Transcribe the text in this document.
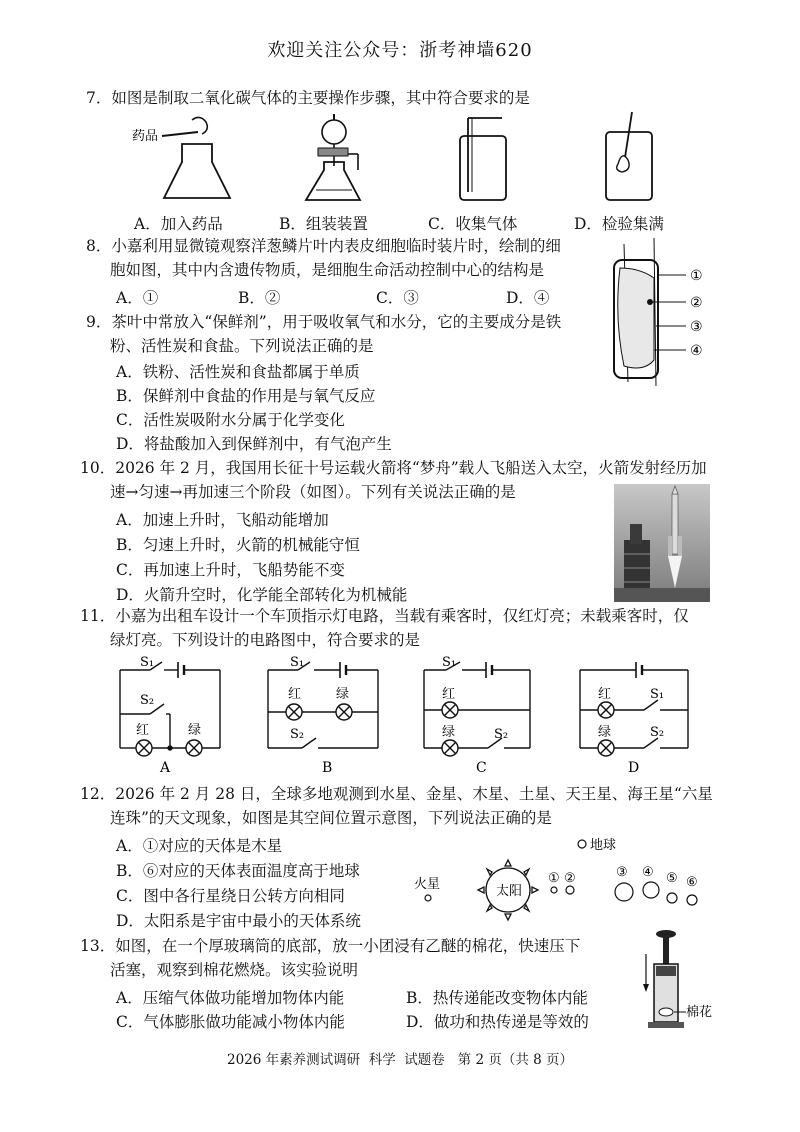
欢迎关注公众号：浙考神墙620
7．如图是制取二氧化碳气体的主要操作步骤，其中符合要求的是
药品
A．加入药品	B．组装装置	C．收集气体	D．检验集满
8．小嘉利用显微镜观察洋葱鳞片叶内表皮细胞临时装片时，绘制的细
胞如图，其中内含遗传物质，是细胞生命活动控制中心的结构是
A．①	B．②	C．③	D．④
①
②
③
④
9．茶叶中常放入“保鲜剂”，用于吸收氧气和水分，它的主要成分是铁
粉、活性炭和食盐。下列说法正确的是
A．铁粉、活性炭和食盐都属于单质
B．保鲜剂中食盐的作用是与氧气反应
C．活性炭吸附水分属于化学变化
D．将盐酸加入到保鲜剂中，有气泡产生
10．2026 年 2 月，我国用长征十号运载火箭将“梦舟”载人飞船送入太空，火箭发射经历加
速→匀速→再加速三个阶段（如图）。下列有关说法正确的是
A．加速上升时，飞船动能增加
B．匀速上升时，火箭的机械能守恒
C．再加速上升时，飞船势能不变
D．火箭升空时，化学能全部转化为机械能
11．小嘉为出租车设计一个车顶指示灯电路，当载有乘客时，仅红灯亮；未载乘客时，仅
绿灯亮。下列设计的电路图中，符合要求的是
S₁
S₂
红	绿
A
S₁
红	绿
S₂
B
S₁
红
绿	S₂
C
红	S₁
绿	S₂
D
12．2026 年 2 月 28 日，全球多地观测到水星、金星、木星、土星、天王星、海王星“六星
连珠”的天文现象，如图是其空间位置示意图，下列说法正确的是
A．①对应的天体是木星
B．⑥对应的天体表面温度高于地球
C．图中各行星绕日公转方向相同
D．太阳系是宇宙中最小的天体系统
地球
火星	太阳
① ②	③ ④ ⑤ ⑥
13．如图，在一个厚玻璃筒的底部，放一小团浸有乙醚的棉花，快速压下
活塞，观察到棉花燃烧。该实验说明
A．压缩气体做功能增加物体内能	B．热传递能改变物体内能
C．气体膨胀做功能减小物体内能	D．做功和热传递是等效的
棉花
2026 年素养测试调研  科学  试题卷   第 2 页（共 8 页）
